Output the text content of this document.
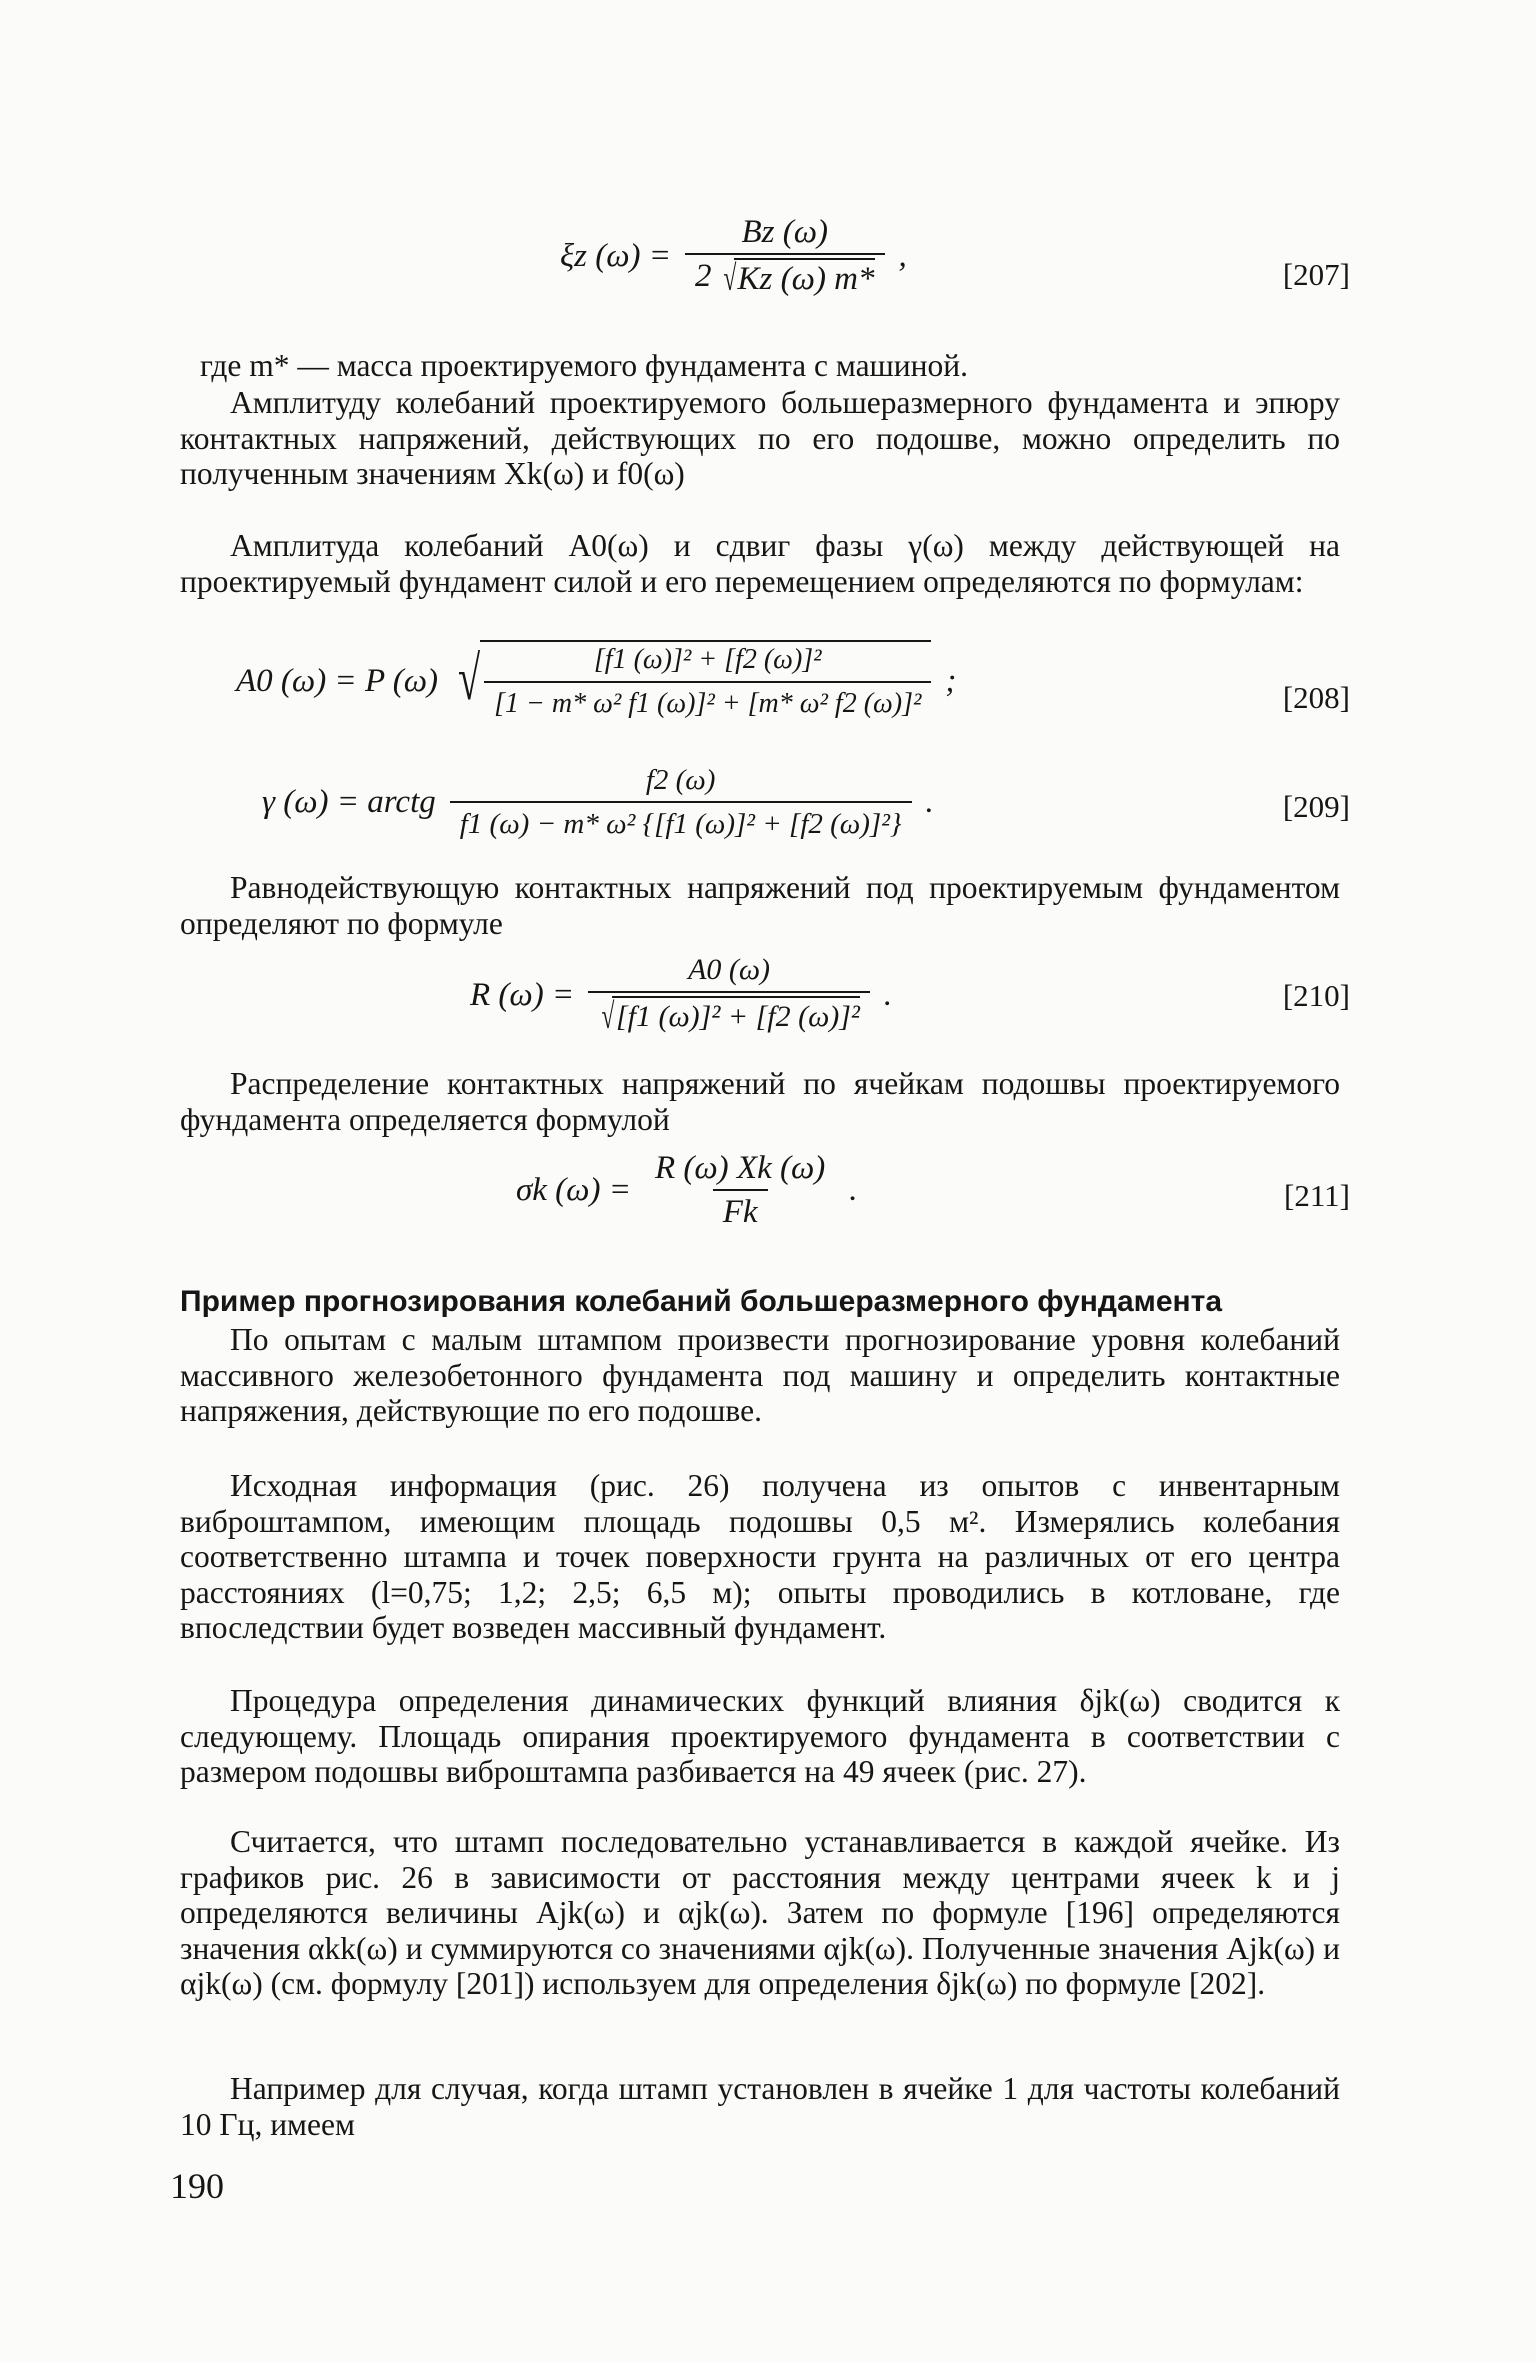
ξz $(\omega) = \frac{Bz (\omega)}{2 √ Kz (\omega) m*}$ ,
[207]

где m* — масса проектируемого фундамента с машиной.

Амплитуду колебаний проектируемого большеразмерного фундамента и эпюру контактных напряжений, действующих по его подошве, можно определить по полученным значениям Xk(ω) и f0(ω)

Амплитуда колебаний A0(ω) и сдвиг фазы γ(ω) между действующей на проектируемый фундамент силой и его перемещением определяются по формулам:

A0 (ω) = P (ω) √ $\frac{\text{[f1 (ω)]² + [f2 (ω)]²}}{\text{[1 − m* ω² f1 (ω)]² + [m* ω² f2 (ω)]²}}$ ;	[208]
γ (ω) = arctg $\frac{f2 (\omega)}{\text{f1 (ω) − m* ω² \{[f1 (ω)]² + [f2 (ω)]²\}}}$ .	[209]

Равнодействующую контактных напряжений под проектируемым фундаментом определяют по формуле

R $(\omega) = \frac{A0 (\omega)}{\text{√ [f1 (ω)]² + [f2 (ω)]²}}$ .	[210]

Распределение контактных напряжений по ячейкам подошвы проектируемого фундамента определяется формулой

σk $(\omega) = \frac{R (\omega) Xk (\omega)}{Fk}$ .	[211]
Пример прогнозирования колебаний большеразмерного фундамента

По опытам с малым штампом произвести прогнозирование уровня колебаний массивного железобетонного фундамента под машину и определить контактные напряжения, действующие по его подошве.

Исходная информация (рис. 26) получена из опытов с инвентарным виброштампом, имеющим площадь подошвы 0,5 м². Измерялись колебания соответственно штампа и точек поверхности грунта на различных от его центра расстояниях (l=0,75; 1,2; 2,5; 6,5 м); опыты проводились в котловане, где впоследствии будет возведен массивный фундамент.

Процедура определения динамических функций влияния δjk(ω) сводится к следующему. Площадь опирания проектируемого фундамента в соответствии с размером подошвы виброштампа разбивается на 49 ячеек (рис. 27).

Считается, что штамп последовательно устанавливается в каждой ячейке. Из графиков рис. 26 в зависимости от расстояния между центрами ячеек k и j определяются величины Ajk(ω) и αjk(ω). Затем по формуле [196] определяются значения αkk(ω) и суммируются со значениями αjk(ω). Полученные значения Ajk(ω) и αjk(ω) (см. формулу [201]) используем для определения δjk(ω) по формуле [202].

Например для случая, когда штамп установлен в ячейке 1 для частоты колебаний 10 Гц, имеем

190
